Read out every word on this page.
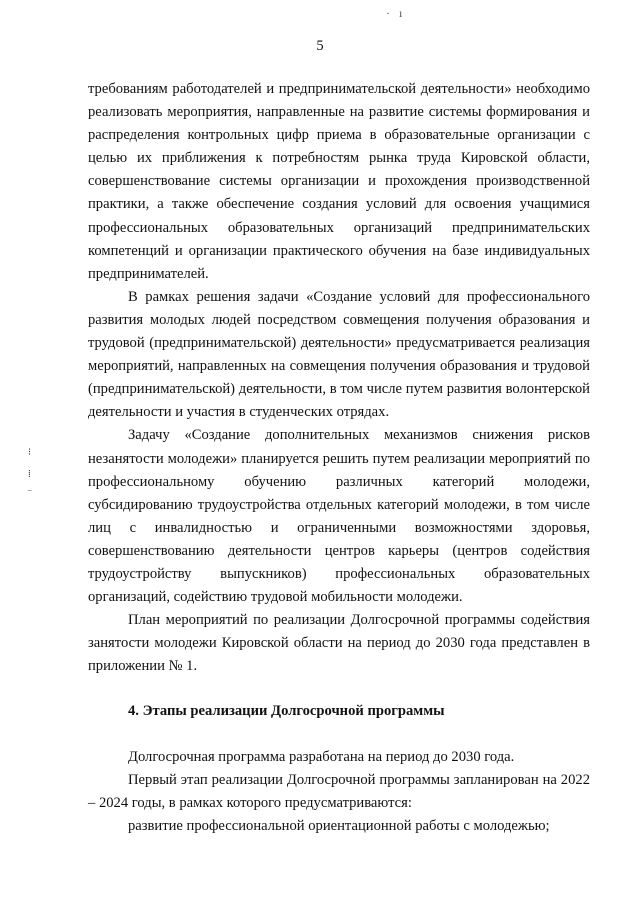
· ı
5
⁝
⁞
‾

требованиям работодателей и предпринимательской деятельности» необходимо реализовать мероприятия, направленные на развитие системы формирования и распределения контрольных цифр приема в образовательные организации с целью их приближения к потребностям рынка труда Кировской области, совершенствование системы организации и прохождения производственной практики, а также обеспечение создания условий для освоения учащимися профессиональных образовательных организаций предпринимательских компетенций и организации практического обучения на базе индивидуальных предпринимателей.

В рамках решения задачи «Создание условий для профессионального развития молодых людей посредством совмещения получения образования и трудовой (предпринимательской) деятельности» предусматривается реализация мероприятий, направленных на совмещения получения образования и трудовой (предпринимательской) деятельности, в том числе путем развития волонтерской деятельности и участия в студенческих отрядах.

Задачу «Создание дополнительных механизмов снижения рисков незанятости молодежи» планируется решить путем реализации мероприятий по профессиональному обучению различных категорий молодежи, субсидированию трудоустройства отдельных категорий молодежи, в том числе лиц с инвалидностью и ограниченными возможностями здоровья, совершенствованию деятельности центров карьеры (центров содействия трудоустройству выпускников) профессиональных образовательных организаций, содействию трудовой мобильности молодежи.

План мероприятий по реализации Долгосрочной программы содействия занятости молодежи Кировской области на период до 2030 года представлен в приложении № 1.

4. Этапы реализации Долгосрочной программы

Долгосрочная программа разработана на период до 2030 года.

Первый этап реализации Долгосрочной программы запланирован на 2022 – 2024 годы, в рамках которого предусматриваются:

развитие профессиональной ориентационной работы с молодежью;
